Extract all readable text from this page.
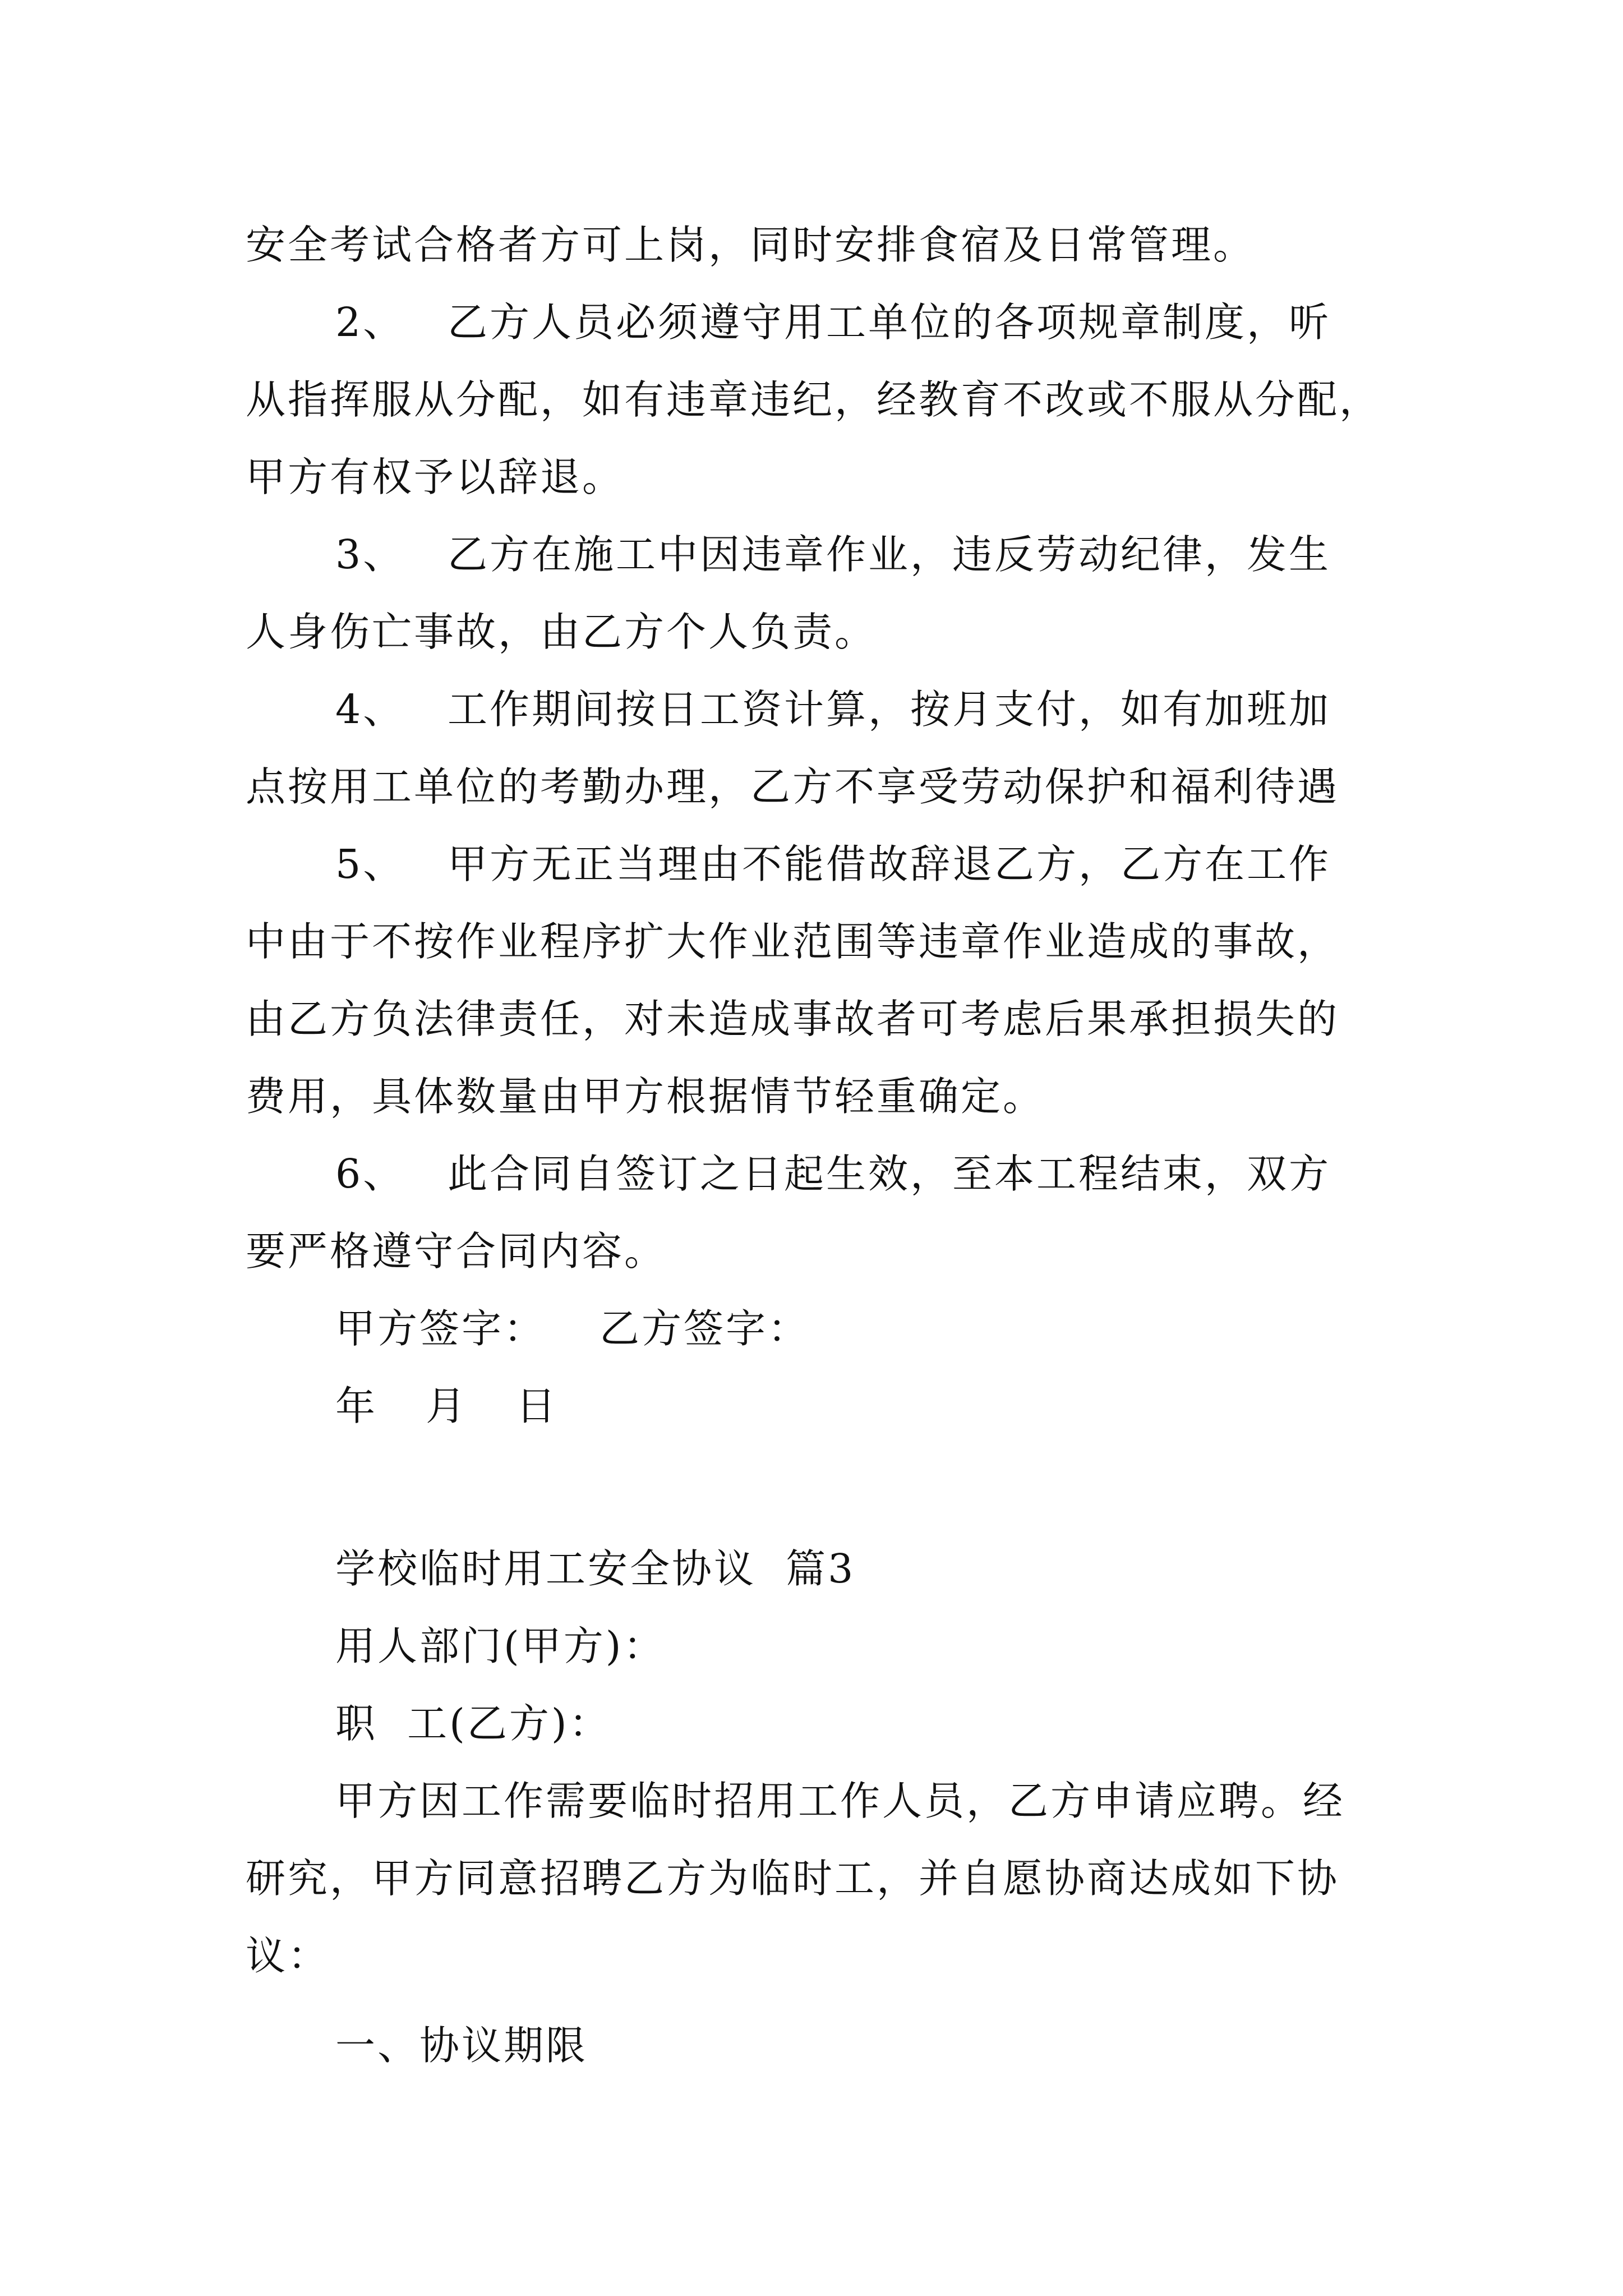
安全考试合格者方可上岗，同时安排食宿及日常管理。
2、 乙方人员必须遵守用工单位的各项规章制度，听
从指挥服从分配，如有违章违纪，经教育不改或不服从分配，
甲方有权予以辞退。
3、 乙方在施工中因违章作业，违反劳动纪律，发生
人身伤亡事故，由乙方个人负责。
4、 工作期间按日工资计算，按月支付，如有加班加
点按用工单位的考勤办理，乙方不享受劳动保护和福利待遇
5、 甲方无正当理由不能借故辞退乙方，乙方在工作
中由于不按作业程序扩大作业范围等违章作业造成的事故，
由乙方负法律责任，对未造成事故者可考虑后果承担损失的
费用，具体数量由甲方根据情节轻重确定。
6、 此合同自签订之日起生效，至本工程结束，双方
要严格遵守合同内容。
甲方签字： 乙方签字：
年 月 日
学校临时用工安全协议  篇3
用人部门(甲方)：
职  工(乙方)：
甲方因工作需要临时招用工作人员，乙方申请应聘。经
研究，甲方同意招聘乙方为临时工，并自愿协商达成如下协
议：
一、协议期限
